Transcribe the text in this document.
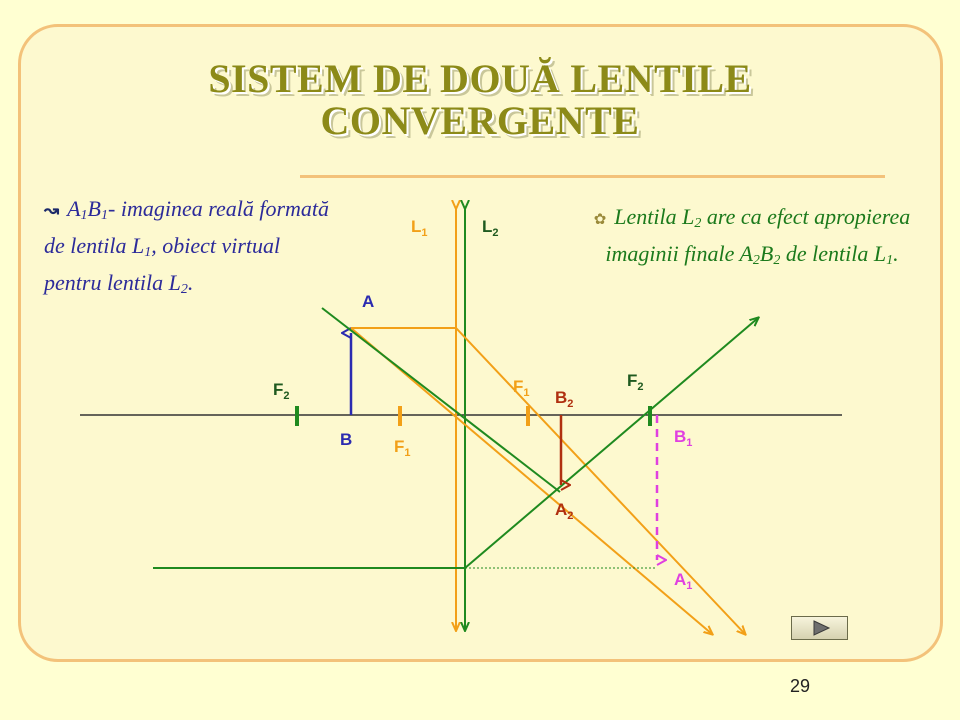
SISTEM DE DOUĂ LENTILE
CONVERGENTE
↝ $A_1B_1-$ imaginea reală formată de lentila $L_1$, obiect virtual pentru lentila $L_2$.
✿ Lentila $L_2$ are ca efect apropierea imaginii finale $A_2B_2$ de lentila $L_1$.
$L_1$	$L_2$
A
B
$F_2$
$F_1$
$F_1$
$F_2$
$B_2$
$B_1$
$A_2$
$A_1$
29
